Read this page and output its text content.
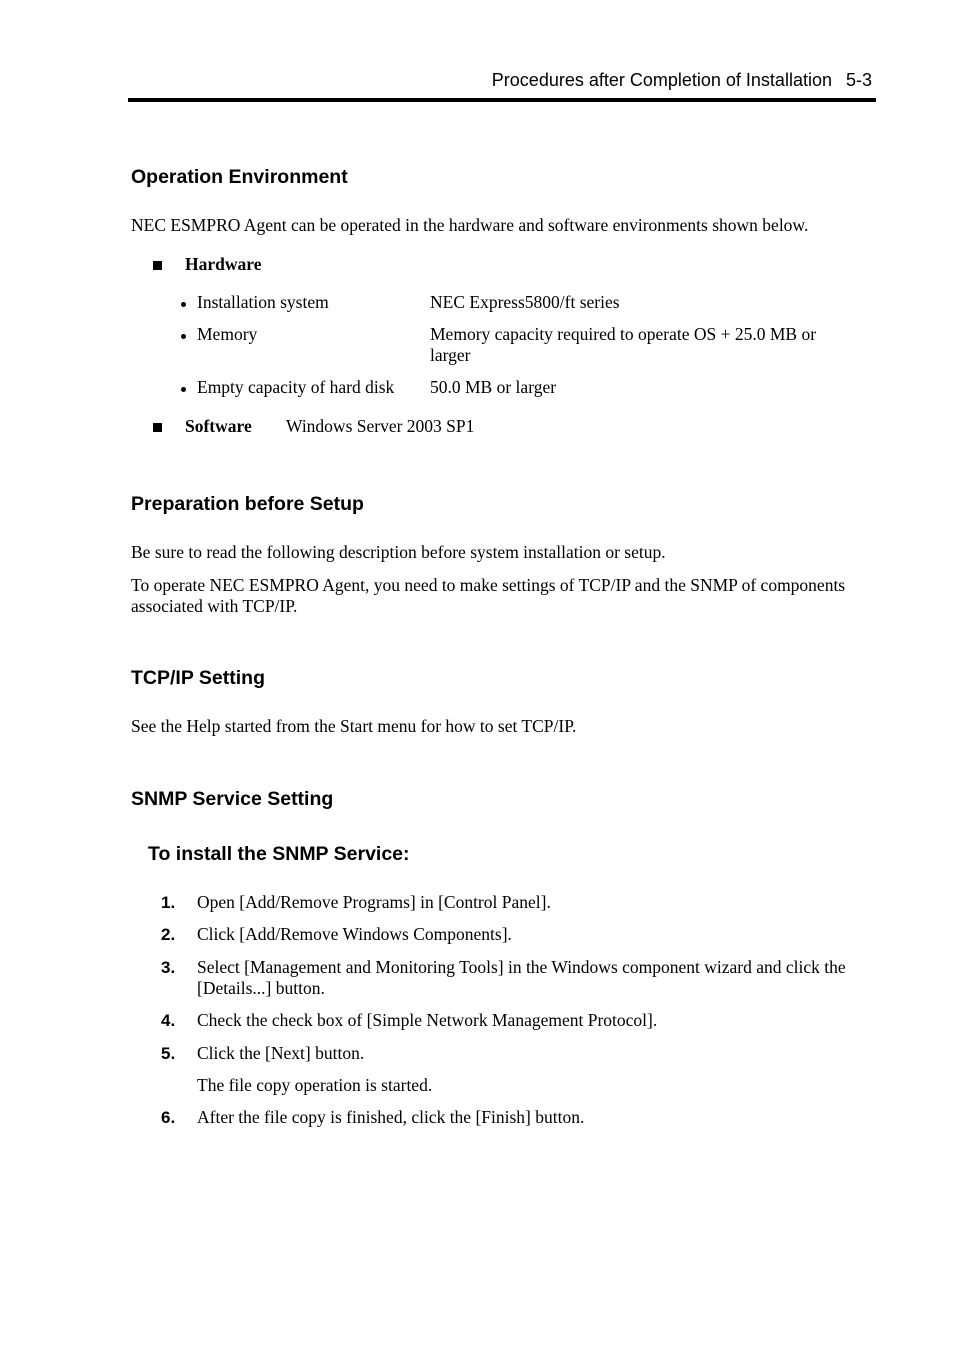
Procedures after Completion of Installation 5-3
Operation Environment
NEC ESMPRO Agent can be operated in the hardware and software environments shown below.
Hardware
Installation system	NEC Express5800/ft series
Memory	Memory capacity required to operate OS + 25.0 MB or larger
Empty capacity of hard disk 50.0 MB or larger
Software Windows Server 2003 SP1
Preparation before Setup
Be sure to read the following description before system installation or setup.
To operate NEC ESMPRO Agent, you need to make settings of TCP/IP and the SNMP of components associated with TCP/IP.
TCP/IP Setting
See the Help started from the Start menu for how to set TCP/IP.
SNMP Service Setting
To install the SNMP Service:
1. Open [Add/Remove Programs] in [Control Panel].
2. Click [Add/Remove Windows Components].
3. Select [Management and Monitoring Tools] in the Windows component wizard and click the [Details...] button.
4. Check the check box of [Simple Network Management Protocol].
5. Click the [Next] button.
The file copy operation is started.
6. After the file copy is finished, click the [Finish] button.
